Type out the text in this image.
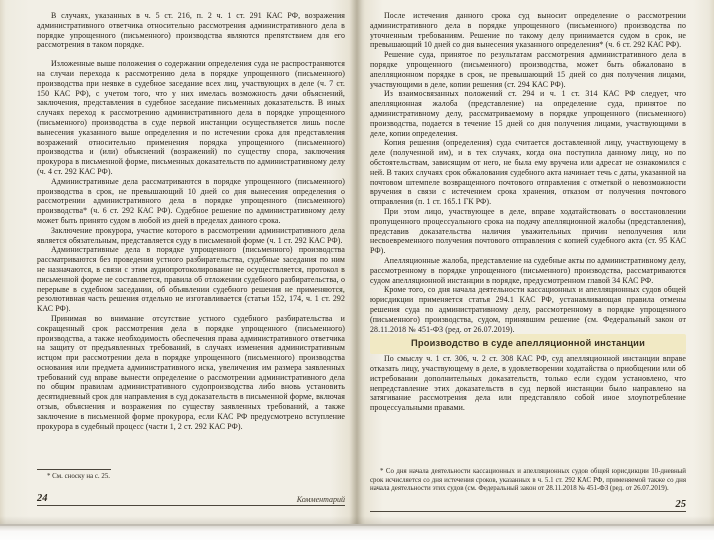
В случаях, указанных в ч. 5 ст. 216, п. 2 ч. 1 ст. 291 КАС РФ, возражения административного ответчика относительно рассмотрения административного дела в порядке упрощенного (письменного) производства являются препятствием для его рассмотрения в таком порядке.

Изложенные выше положения о содержании определения суда не распространяются на случаи перехода к рассмотрению дела в порядке упрощенного (письменного) производства при неявке в судебное заседание всех лиц, участвующих в деле (ч. 7 ст. 150 КАС РФ), с учетом того, что у них имелась возможность дачи объяснений, заключения, представления в судебное заседание письменных доказательств. В иных случаях переход к рассмотрению административного дела в порядке упрощенного (письменного) производства в суде первой инстанции осуществляется лишь после вынесения указанного выше определения и по истечении срока для представления возражений относительно применения порядка упрощенного (письменного) производства и (или) объяснений (возражений) по существу спора, заключения прокурора в письменной форме, письменных доказательств по административному делу (ч. 4 ст. 292 КАС РФ).

Административные дела рассматриваются в порядке упрощенного (письменного) производства в срок, не превышающий 10 дней со дня вынесения определения о рассмотрении административного дела в порядке упрощенного (письменного) производства* (ч. 6 ст. 292 КАС РФ). Судебное решение по административному делу может быть принято судом в любой из дней в пределах данного срока.

Заключение прокурора, участие которого в рассмотрении административного дела является обязательным, представляется суду в письменной форме (ч. 1 ст. 292 КАС РФ).

Административные дела в порядке упрощенного (письменного) производства рассматриваются без проведения устного разбирательства, судебные заседания по ним не назначаются, в связи с этим аудиопротоколирование не осуществляется, протокол в письменной форме не составляется, правила об отложении судебного разбирательства, о перерыве в судебном заседании, об объявлении судебного решения не применяются, резолютивная часть решения отдельно не изготавливается (статьи 152, 174, ч. 1 ст. 292 КАС РФ).

Принимая во внимание отсутствие устного судебного разбирательства и сокращенный срок рассмотрения дела в порядке упрощенного (письменного) производства, а также необходимость обеспечения права административного ответчика на защиту от предъявленных требований, в случаях изменения административным истцом при рассмотрении дела в порядке упрощенного (письменного) производства основания или предмета административного иска, увеличения им размера заявленных требований суд вправе вынести определение о рассмотрении административного дела по общим правилам административного судопроизводства либо вновь установить десятидневный срок для направления в суд доказательств в письменной форме, включая отзыв, объяснения и возражения по существу заявленных требований, а также заключение в письменной форме прокурора, если КАС РФ предусмотрено вступление прокурора в судебный процесс (части 1, 2 ст. 292 КАС РФ).

* См. сноску на с. 25.

24	Комментарий

После истечения данного срока суд выносит определение о рассмотрении административного дела в порядке упрощенного (письменного) производства по уточненным требованиям. Решение по такому делу принимается судом в срок, не превышающий 10 дней со дня вынесения указанного определения* (ч. 6 ст. 292 КАС РФ).

Решение суда, принятое по результатам рассмотрения административного дела в порядке упрощенного (письменного) производства, может быть обжаловано в апелляционном порядке в срок, не превышающий 15 дней со дня получения лицами, участвующими в деле, копии решения (ст. 294 КАС РФ).

Из взаимосвязанных положений ст. 294 и ч. 1 ст. 314 КАС РФ следует, что апелляционная жалоба (представление) на определение суда, принятое по административному делу, рассматриваемому в порядке упрощенного (письменного) производства, подается в течение 15 дней со дня получения лицами, участвующими в деле, копии определения.

Копия решения (определения) суда считается доставленной лицу, участвующему в деле (полученной им), и в тех случаях, когда она поступила данному лицу, но по обстоятельствам, зависящим от него, не была ему вручена или адресат не ознакомился с ней. В таких случаях срок обжалования судебного акта начинает течь с даты, указанной на почтовом штемпеле возвращенного почтового отправления с отметкой о невозможности вручения в связи с истечением срока хранения, отказом от получения почтового отправления (п. 1 ст. 165.1 ГК РФ).

При этом лицо, участвующее в деле, вправе ходатайствовать о восстановлении пропущенного процессуального срока на подачу апелляционной жалобы (представления), представив доказательства наличия уважительных причин неполучения или несвоевременного получения почтового отправления с копией судебного акта (ст. 95 КАС РФ).

Апелляционные жалоба, представление на судебные акты по административному делу, рассмотренному в порядке упрощенного (письменного) производства, рассматриваются судом апелляционной инстанции в порядке, предусмотренном главой 34 КАС РФ.

Кроме того, со дня начала деятельности кассационных и апелляционных судов общей юрисдикции применяется статья 294.1 КАС РФ, устанавливающая правила отмены решения суда по административному делу, рассмотренному в порядке упрощенного (письменного) производства, судом, принявшим решение (см. Федеральный закон от 28.11.2018 № 451-ФЗ (ред. от 26.07.2019).

Производство в суде апелляционной инстанции

По смыслу ч. 1 ст. 306, ч. 2 ст. 308 КАС РФ, суд апелляционной инстанции вправе отказать лицу, участвующему в деле, в удовлетворении ходатайства о приобщении или об истребовании дополнительных доказательств, только если судом установлено, что непредставление этих доказательств в суд первой инстанции было направлено на затягивание рассмотрения дела или представляло собой иное злоупотребление процессуальными правами.

* Со дня начала деятельности кассационных и апелляционных судов общей юрисдикции 10-дневный срок исчисляется со дня истечения сроков, указанных в ч. 5.1 ст. 292 КАС РФ, применяемой также со дня начала деятельности этих судов (см. Федеральный закон от 28.11.2018 № 451-ФЗ (ред. от 26.07.2019).

25
